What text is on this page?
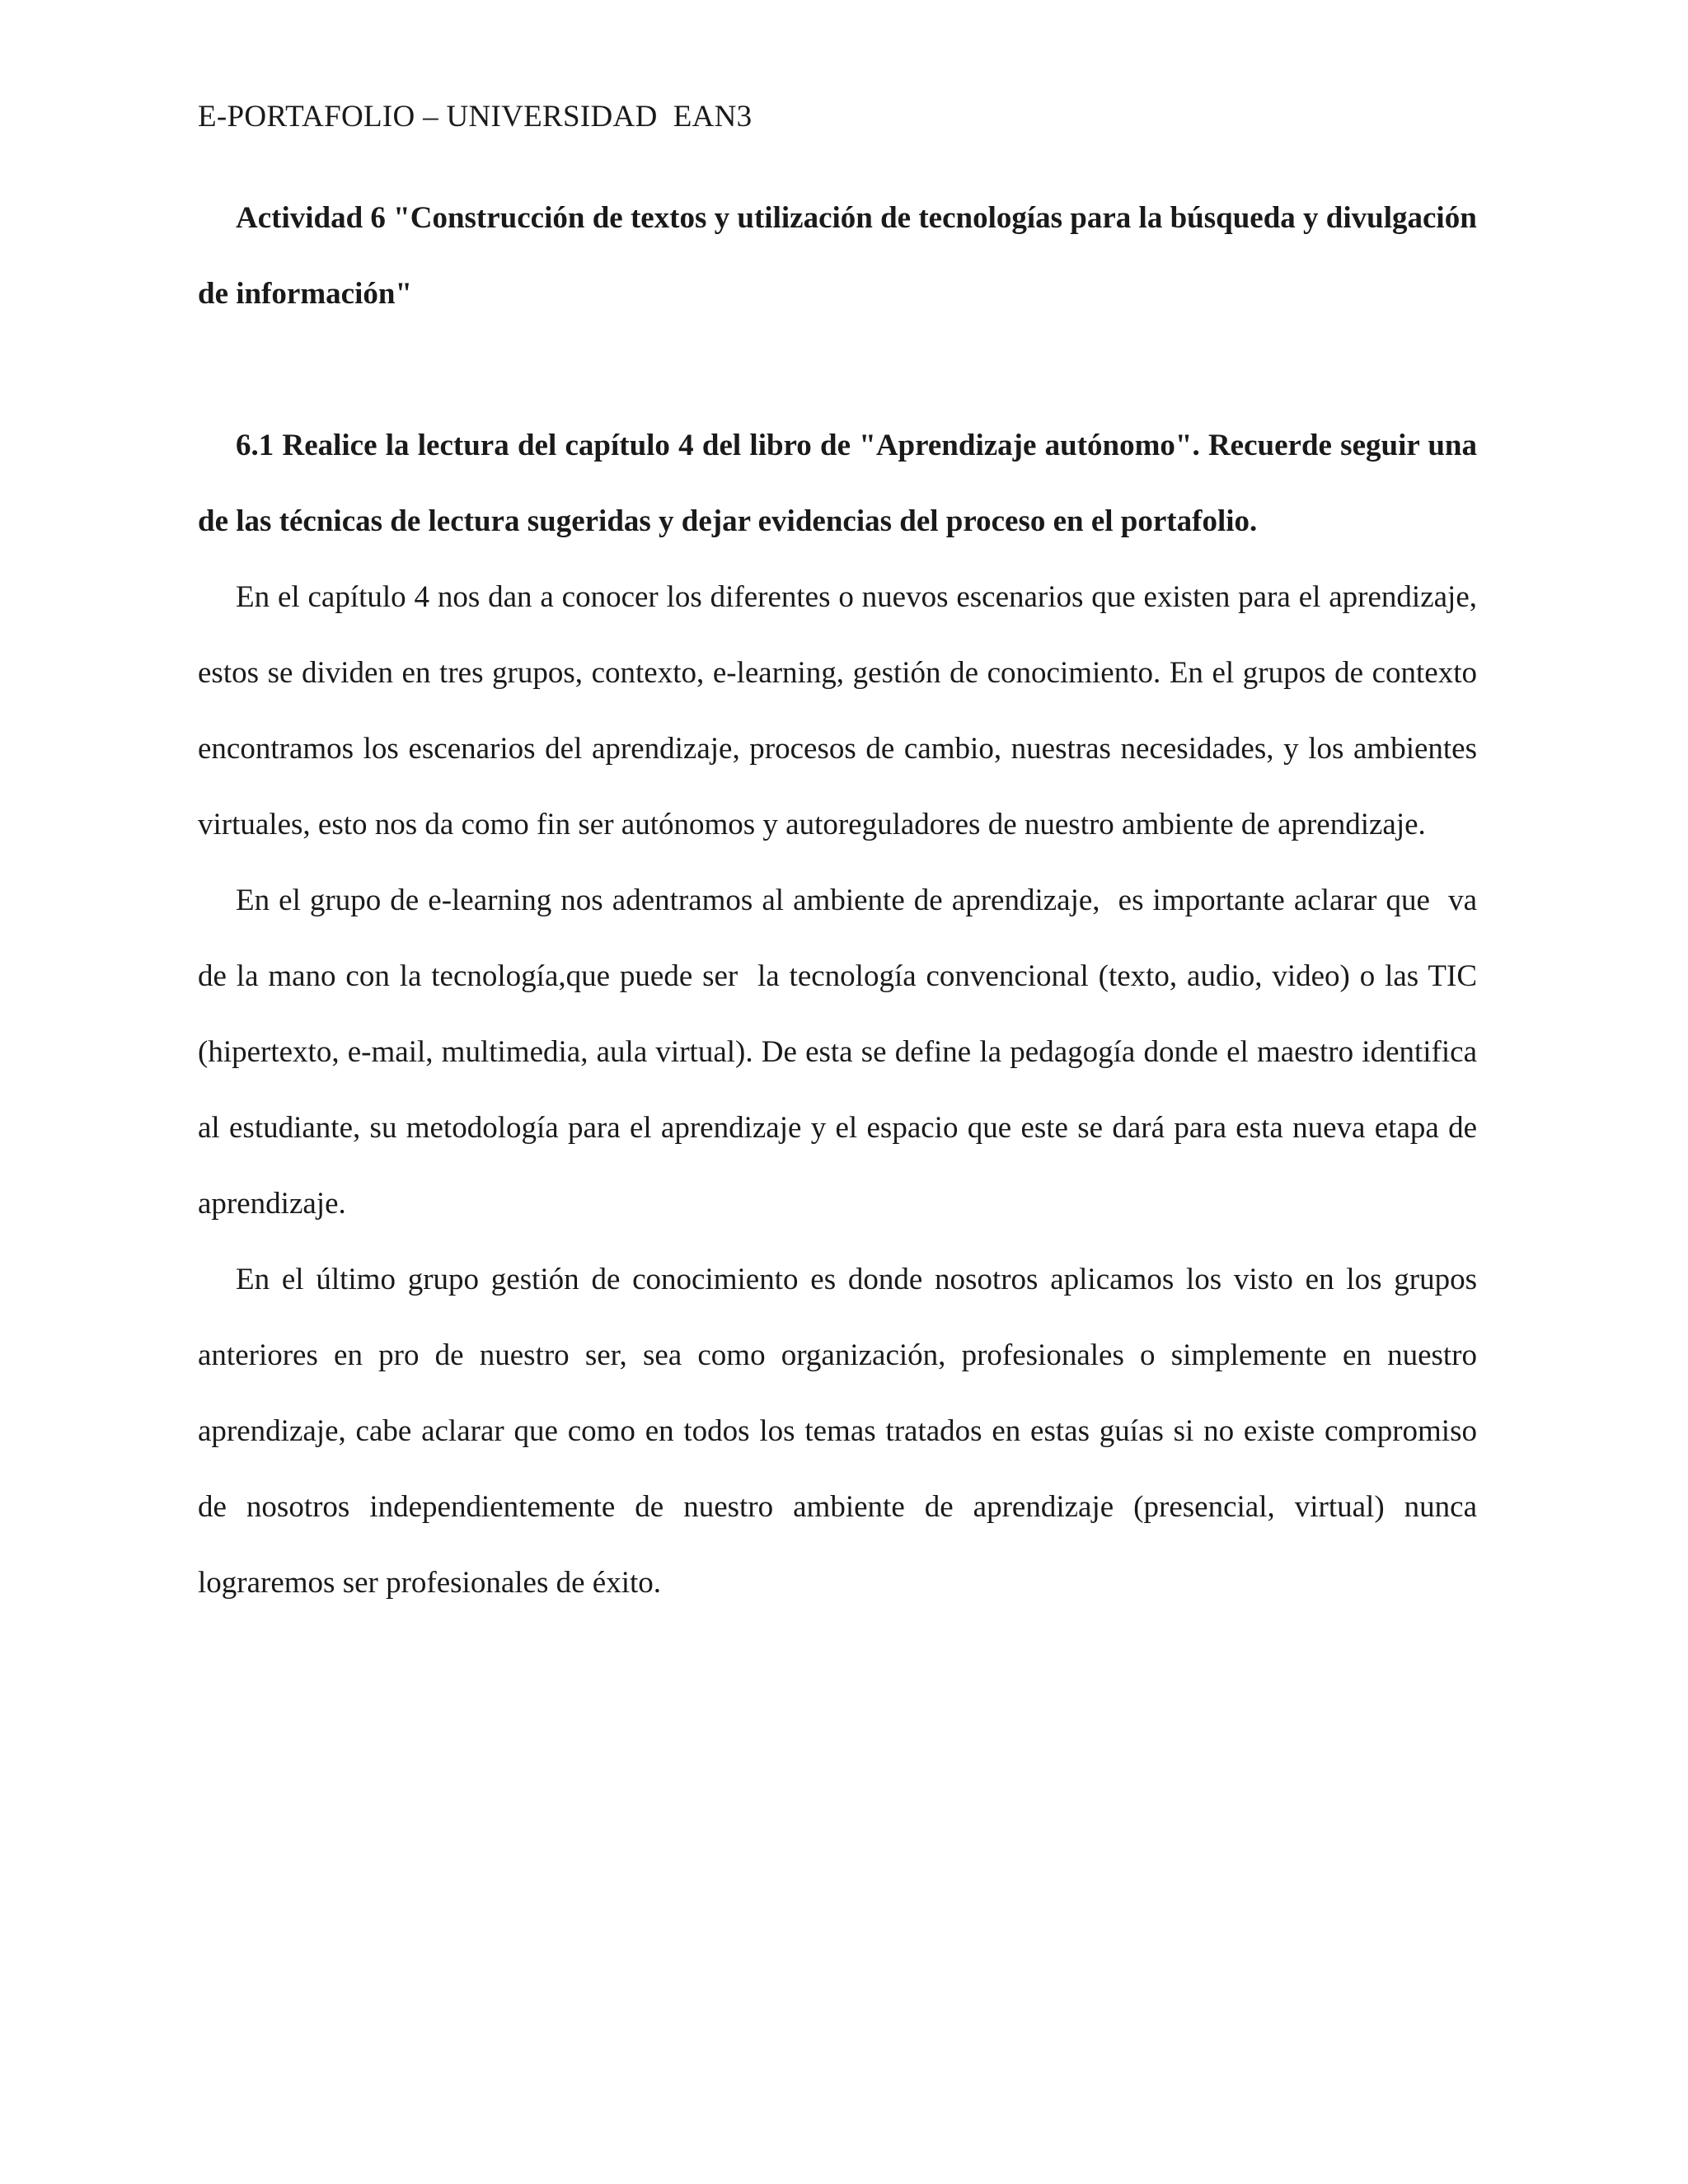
E-PORTAFOLIO – UNIVERSIDAD  EAN3

Actividad 6 "Construcción de textos y utilización de tecnologías para la búsqueda y divulgación de información"

6.1 Realice la lectura del capítulo 4 del libro de "Aprendizaje autónomo". Recuerde seguir una de las técnicas de lectura sugeridas y dejar evidencias del proceso en el portafolio.

En el capítulo 4 nos dan a conocer los diferentes o nuevos escenarios que existen para el aprendizaje, estos se dividen en tres grupos, contexto, e-learning, gestión de conocimiento. En el grupos de contexto encontramos los escenarios del aprendizaje, procesos de cambio, nuestras necesidades, y los ambientes virtuales, esto nos da como fin ser autónomos y autoreguladores de nuestro ambiente de aprendizaje.

En el grupo de e-learning nos adentramos al ambiente de aprendizaje,  es importante aclarar que  va de la mano con la tecnología,que puede ser  la tecnología convencional (texto, audio, video) o las TIC (hipertexto, e-mail, multimedia, aula virtual). De esta se define la pedagogía donde el maestro identifica al estudiante, su metodología para el aprendizaje y el espacio que este se dará para esta nueva etapa de aprendizaje.

En el último grupo gestión de conocimiento es donde nosotros aplicamos los visto en los grupos anteriores en pro de nuestro ser, sea como organización, profesionales o simplemente en nuestro aprendizaje, cabe aclarar que como en todos los temas tratados en estas guías si no existe compromiso de nosotros independientemente de nuestro ambiente de aprendizaje (presencial, virtual) nunca lograremos ser profesionales de éxito.
